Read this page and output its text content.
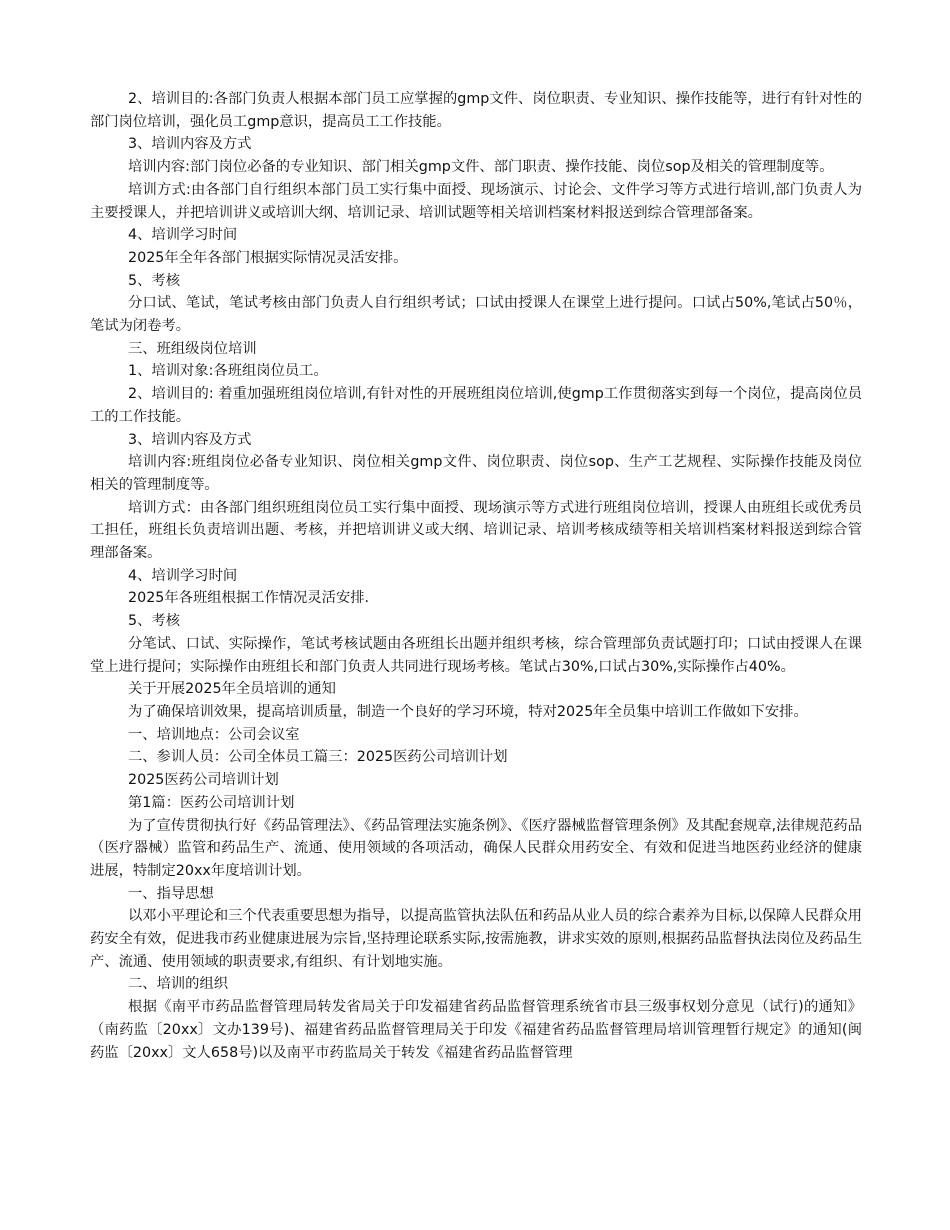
2、培训目的:各部门负责人根据本部门员工应掌握的gmp文件、岗位职责、专业知识、操作技能等，进行有针对性的部门岗位培训，强化员工gmp意识，提高员工工作技能。

3、培训内容及方式

培训内容:部门岗位必备的专业知识、部门相关gmp文件、部门职责、操作技能、岗位sop及相关的管理制度等。

培训方式:由各部门自行组织本部门员工实行集中面授、现场演示、讨论会、文件学习等方式进行培训,部门负责人为主要授课人，并把培训讲义或培训大纲、培训记录、培训试题等相关培训档案材料报送到综合管理部备案。

4、培训学习时间

2025年全年各部门根据实际情况灵活安排。

5、考核

分口试、笔试，笔试考核由部门负责人自行组织考试；口试由授课人在课堂上进行提问。口试占50%,笔试占50％，笔试为闭卷考。

三、班组级岗位培训

1、培训对象:各班组岗位员工。

2、培训目的: 着重加强班组岗位培训,有针对性的开展班组岗位培训,使gmp工作贯彻落实到每一个岗位，提高岗位员工的工作技能。

3、培训内容及方式

培训内容:班组岗位必备专业知识、岗位相关gmp文件、岗位职责、岗位sop、生产工艺规程、实际操作技能及岗位相关的管理制度等。

培训方式：由各部门组织班组岗位员工实行集中面授、现场演示等方式进行班组岗位培训，授课人由班组长或优秀员工担任，班组长负责培训出题、考核，并把培训讲义或大纲、培训记录、培训考核成绩等相关培训档案材料报送到综合管理部备案。

4、培训学习时间

2025年各班组根据工作情况灵活安排.

5、考核

分笔试、口试、实际操作，笔试考核试题由各班组长出题并组织考核，综合管理部负责试题打印；口试由授课人在课堂上进行提问；实际操作由班组长和部门负责人共同进行现场考核。笔试占30%,口试占30%,实际操作占40%。

关于开展2025年全员培训的通知

为了确保培训效果，提高培训质量，制造一个良好的学习环境，特对2025年全员集中培训工作做如下安排。

一、培训地点：公司会议室

二、参训人员：公司全体员工篇三：2025医药公司培训计划

2025医药公司培训计划

第1篇：医药公司培训计划

为了宣传贯彻执行好《药品管理法》、《药品管理法实施条例》、《医疗器械监督管理条例》及其配套规章,法律规范药品（医疗器械）监管和药品生产、流通、使用领域的各项活动，确保人民群众用药安全、有效和促进当地医药业经济的健康进展，特制定20xx年度培训计划。

一、指导思想

以邓小平理论和三个代表重要思想为指导，以提高监管执法队伍和药品从业人员的综合素养为目标,以保障人民群众用药安全有效，促进我市药业健康进展为宗旨,坚持理论联系实际,按需施教，讲求实效的原则,根据药品监督执法岗位及药品生产、流通、使用领域的职责要求,有组织、有计划地实施。

二、培训的组织

根据《南平市药品监督管理局转发省局关于印发福建省药品监督管理系统省市县三级事权划分意见（试行)的通知》（南药监〔20xx〕文办139号)、福建省药品监督管理局关于印发《福建省药品监督管理局培训管理暂行规定》的通知(闽药监〔20xx〕文人658号)以及南平市药监局关于转发《福建省药品监督管理
